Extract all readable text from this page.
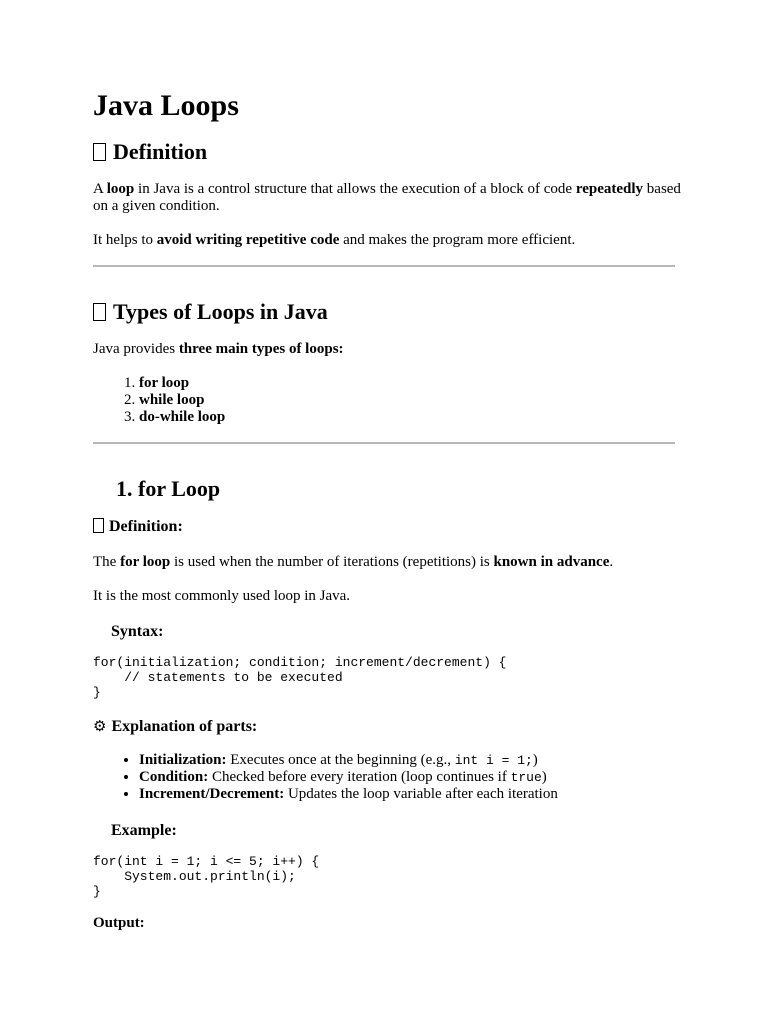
Java Loops
Definition

A loop in Java is a control structure that allows the execution of a block of code repeatedly based on a given condition.

It helps to avoid writing repetitive code and makes the program more efficient.

Types of Loops in Java

Java provides three main types of loops:

1. for loop
2. while loop
3. do-while loop
1. for Loop
Definition:

The for loop is used when the number of iterations (repetitions) is known in advance.

It is the most commonly used loop in Java.

Syntax:
for(initialization; condition; increment/decrement) {
// statements to be executed
}
⚙ Explanation of parts:
• Initialization: Executes once at the beginning (e.g., int i = 1;)
• Condition: Checked before every iteration (loop continues if true)
• Increment/Decrement: Updates the loop variable after each iteration
Example:
for(int i = 1; i <= 5; i++) {
System.out.println(i);
}

Output:
